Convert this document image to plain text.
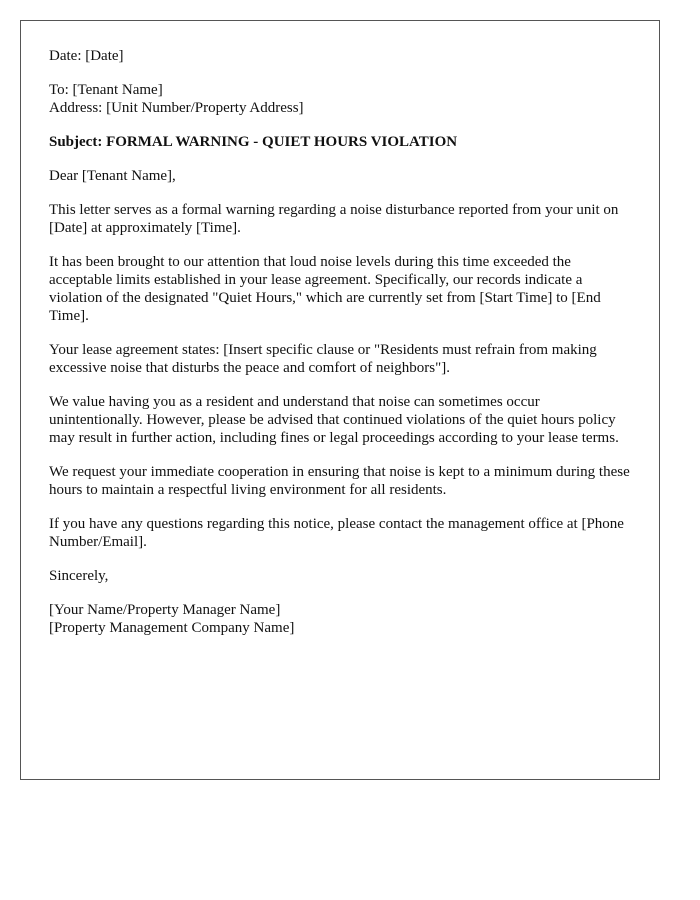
Date: [Date]

To: [Tenant Name]

Address: [Unit Number/Property Address]

Subject: FORMAL WARNING - QUIET HOURS VIOLATION

Dear [Tenant Name],

This letter serves as a formal warning regarding a noise disturbance reported from your unit on [Date] at approximately [Time].

It has been brought to our attention that loud noise levels during this time exceeded the acceptable limits established in your lease agreement. Specifically, our records indicate a violation of the designated "Quiet Hours," which are currently set from [Start Time] to [End Time].

Your lease agreement states: [Insert specific clause or "Residents must refrain from making excessive noise that disturbs the peace and comfort of neighbors"].

We value having you as a resident and understand that noise can sometimes occur unintentionally. However, please be advised that continued violations of the quiet hours policy may result in further action, including fines or legal proceedings according to your lease terms.

We request your immediate cooperation in ensuring that noise is kept to a minimum during these hours to maintain a respectful living environment for all residents.

If you have any questions regarding this notice, please contact the management office at [Phone Number/Email].

Sincerely,

[Your Name/Property Manager Name]

[Property Management Company Name]
